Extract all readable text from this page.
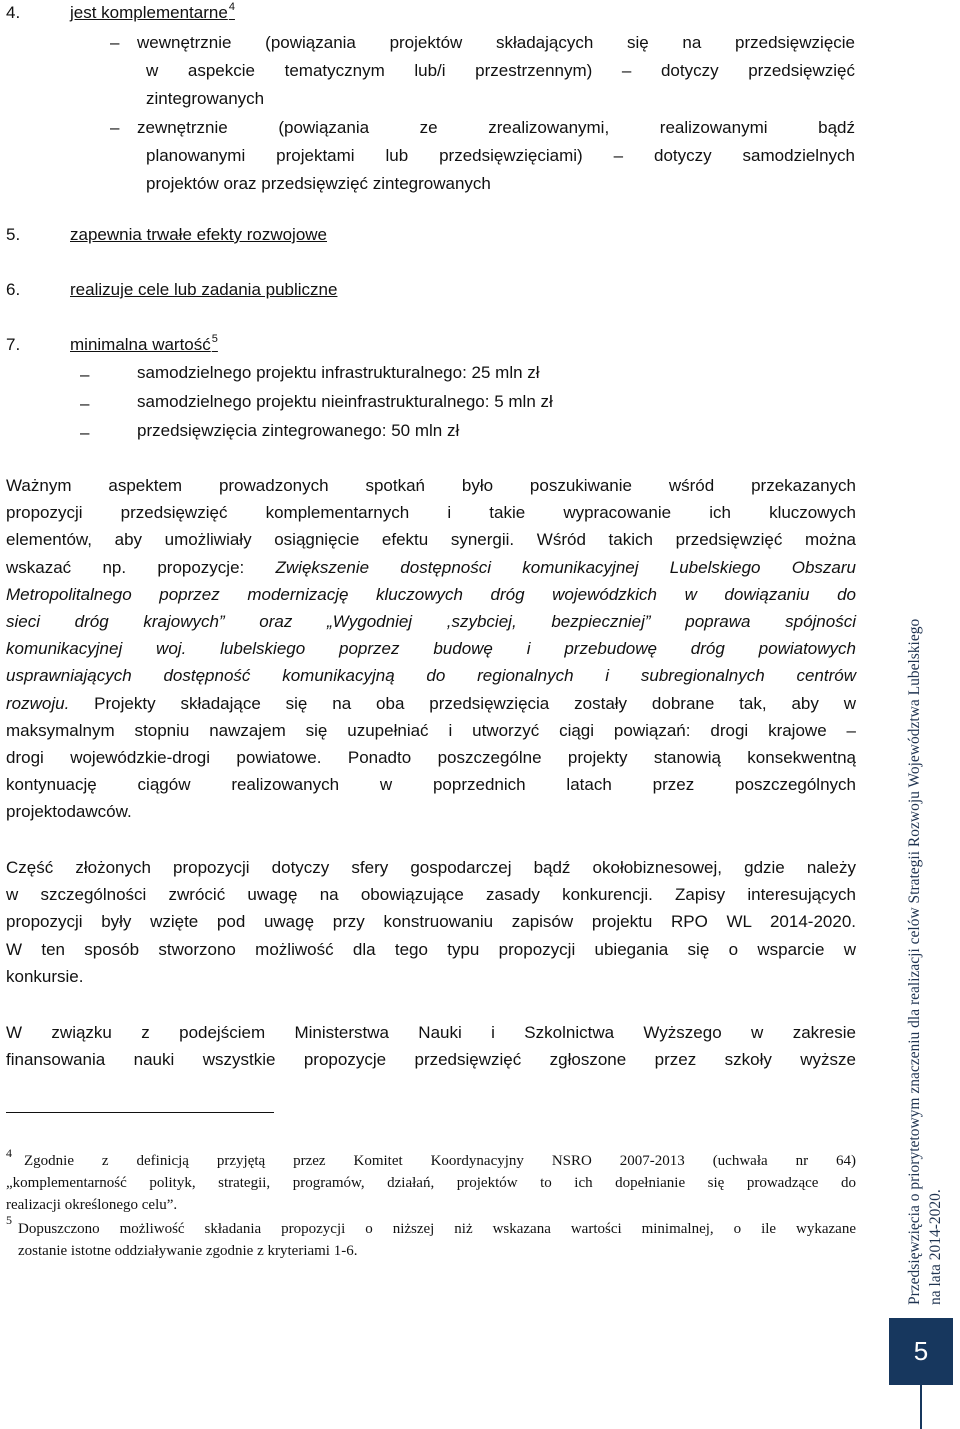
4.	jest komplementarne$^4$
– wewnętrznie (powiązania projektów składających się na przedsięwzięcie
w aspekcie tematycznym lub/i przestrzennym) – dotyczy przedsięwzięć
zintegrowanych
– zewnętrznie (powiązania ze zrealizowanymi, realizowanymi bądź
planowanymi projektami lub przedsięwzięciami) – dotyczy samodzielnych
projektów oraz przedsięwzięć zintegrowanych
5.	zapewnia trwałe efekty rozwojowe
6.	realizuje cele lub zadania publiczne
7.	minimalna wartość$^5$
–	samodzielnego projektu infrastrukturalnego: 25 mln zł
–	samodzielnego projektu nieinfrastrukturalnego: 5 mln zł
–	przedsięwzięcia zintegrowanego: 50 mln zł
Ważnym aspektem prowadzonych spotkań było poszukiwanie wśród przekazanych
propozycji przedsięwzięć komplementarnych i takie wypracowanie ich kluczowych
elementów, aby umożliwiały osiągnięcie efektu synergii. Wśród takich przedsięwzięć można
wskazać np. propozycje: Zwiększenie dostępności komunikacyjnej Lubelskiego Obszaru
Metropolitalnego poprzez modernizację kluczowych dróg wojewódzkich w dowiązaniu do
sieci dróg krajowych” oraz „Wygodniej ,szybciej, bezpieczniej” poprawa spójności
komunikacyjnej woj. lubelskiego poprzez budowę i przebudowę dróg powiatowych
usprawniających dostępność komunikacyjną do regionalnych i subregionalnych centrów
rozwoju. Projekty składające się na oba przedsięwzięcia zostały dobrane tak, aby w
maksymalnym stopniu nawzajem się uzupełniać i utworzyć ciągi powiązań: drogi krajowe –
drogi wojewódzkie-drogi powiatowe. Ponadto poszczególne projekty stanowią konsekwentną
kontynuację ciągów realizowanych w poprzednich latach przez poszczególnych
projektodawców.
Część złożonych propozycji dotyczy sfery gospodarczej bądź okołobiznesowej, gdzie należy
w szczególności zwrócić uwagę na obowiązujące zasady konkurencji. Zapisy interesujących
propozycji były wzięte pod uwagę przy konstruowaniu zapisów projektu RPO WL 2014-2020.
W ten sposób stworzono możliwość dla tego typu propozycji ubiegania się o wsparcie w
konkursie.
W związku z podejściem Ministerstwa Nauki i Szkolnictwa Wyższego w zakresie
finansowania nauki wszystkie propozycje przedsięwzięć zgłoszone przez szkoły wyższe
4 Zgodnie z definicją przyjętą przez Komitet Koordynacyjny NSRO 2007-2013 (uchwała nr 64)
„komplementarność polityk, strategii, programów, działań, projektów to ich dopełnianie się prowadzące do
realizacji określonego celu”.
5
Dopuszczono możliwość składania propozycji o niższej niż wskazana wartości minimalnej, o ile wykazane
zostanie istotne oddziaływanie zgodnie z kryteriami 1-6.	Przedsięwzięcia o priorytetowym znaczeniu dla realizacji celów Strategii Rozwoju Województwa Lubelskiego na lata 2014-2020.
5
